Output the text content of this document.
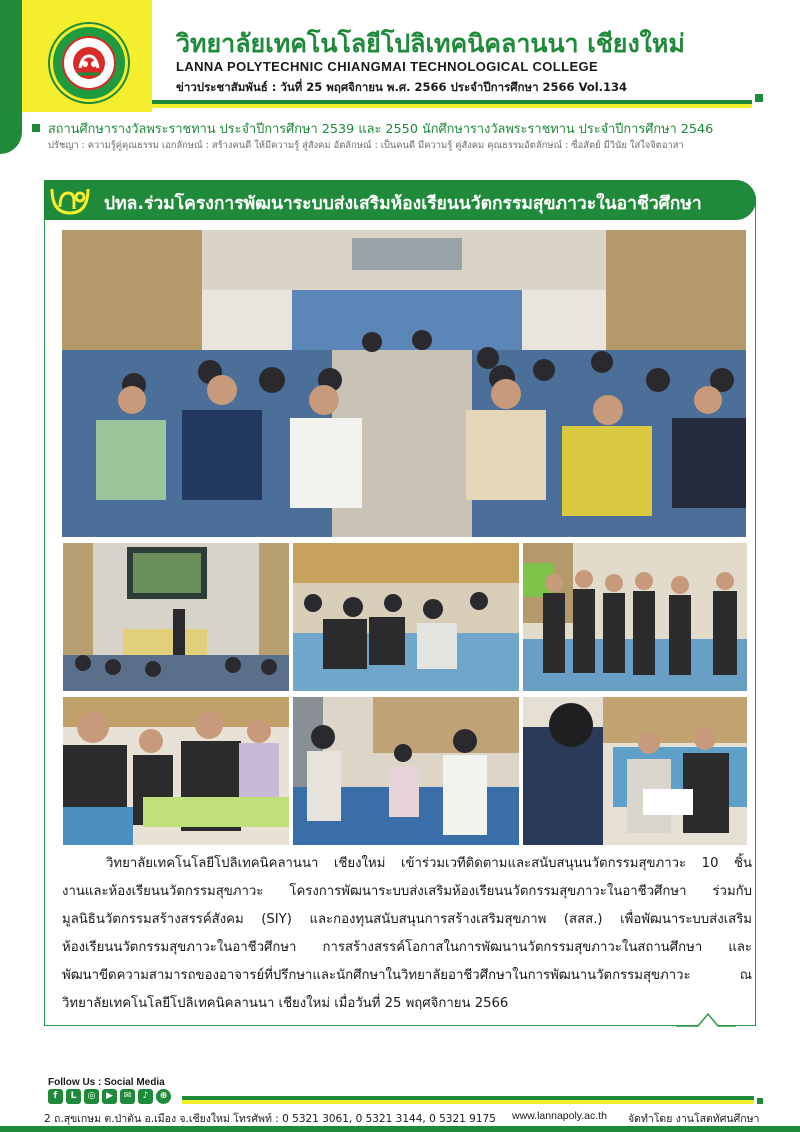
วิทยาลัยเทคโนโลยีโปลิเทคนิคลานนา เชียงใหม่
LANNA POLYTECHNIC CHIANGMAI TECHNOLOGICAL COLLEGE
ข่าวประชาสัมพันธ์ : วันที่ 25 พฤศจิกายน พ.ศ. 2566 ประจำปีการศึกษา 2566 Vol.134
สถานศึกษารางวัลพระราชทาน ประจำปีการศึกษา 2539 และ 2550 นักศึกษารางวัลพระราชทาน ประจำปีการศึกษา 2546
ปรัชญา : ความรู้คู่คุณธรรม เอกลักษณ์ : สร้างคนดี ให้มีความรู้ สู่สังคม อัตลักษณ์ : เป็นคนดี มีความรู้ คู่สังคม คุณธรรมอัตลักษณ์ : ซื่อสัตย์ มีวินัย ใส่ใจจิตอาสา
ปทล.ร่วมโครงการพัฒนาระบบส่งเสริมห้องเรียนนวัตกรรมสุขภาวะในอาชีวศึกษา
วิทยาลัยเทคโนโลยีโปลิเทคนิคลานนา เชียงใหม่ เข้าร่วมเวทีติดตามและสนับสนุนนวัตกรรมสุขภาวะ 10 ชิ้น
งานและห้องเรียนนวัตกรรมสุขภาวะ โครงการพัฒนาระบบส่งเสริมห้องเรียนนวัตกรรมสุขภาวะในอาชีวศึกษา ร่วมกับ
มูลนิธินวัตกรรมสร้างสรรค์สังคม (SIY) และกองทุนสนับสนุนการสร้างเสริมสุขภาพ (สสส.) เพื่อพัฒนาระบบส่งเสริม
ห้องเรียนนวัตกรรมสุขภาวะในอาชีวศึกษา การสร้างสรรค์โอกาสในการพัฒนานวัตกรรมสุขภาวะในสถานศึกษา และ
พัฒนาขีดความสามารถของอาจารย์ที่ปรึกษาและนักศึกษาในวิทยาลัยอาชีวศึกษาในการพัฒนานวัตกรรมสุขภาวะ ณ
วิทยาลัยเทคโนโลยีโปลิเทคนิคลานนา เชียงใหม่ เมื่อวันที่ 25 พฤศจิกายน 2566
Follow Us : Social Media
f	L	◎	▶	✉	♪	⊕
2 ถ.สุขเกษม ต.ป่าตัน อ.เมือง จ.เชียงใหม่ โทรศัพท์ : 0 5321 3061, 0 5321 3144, 0 5321 9175 www.lannapoly.ac.th จัดทำโดย งานโสตทัศนศึกษา
